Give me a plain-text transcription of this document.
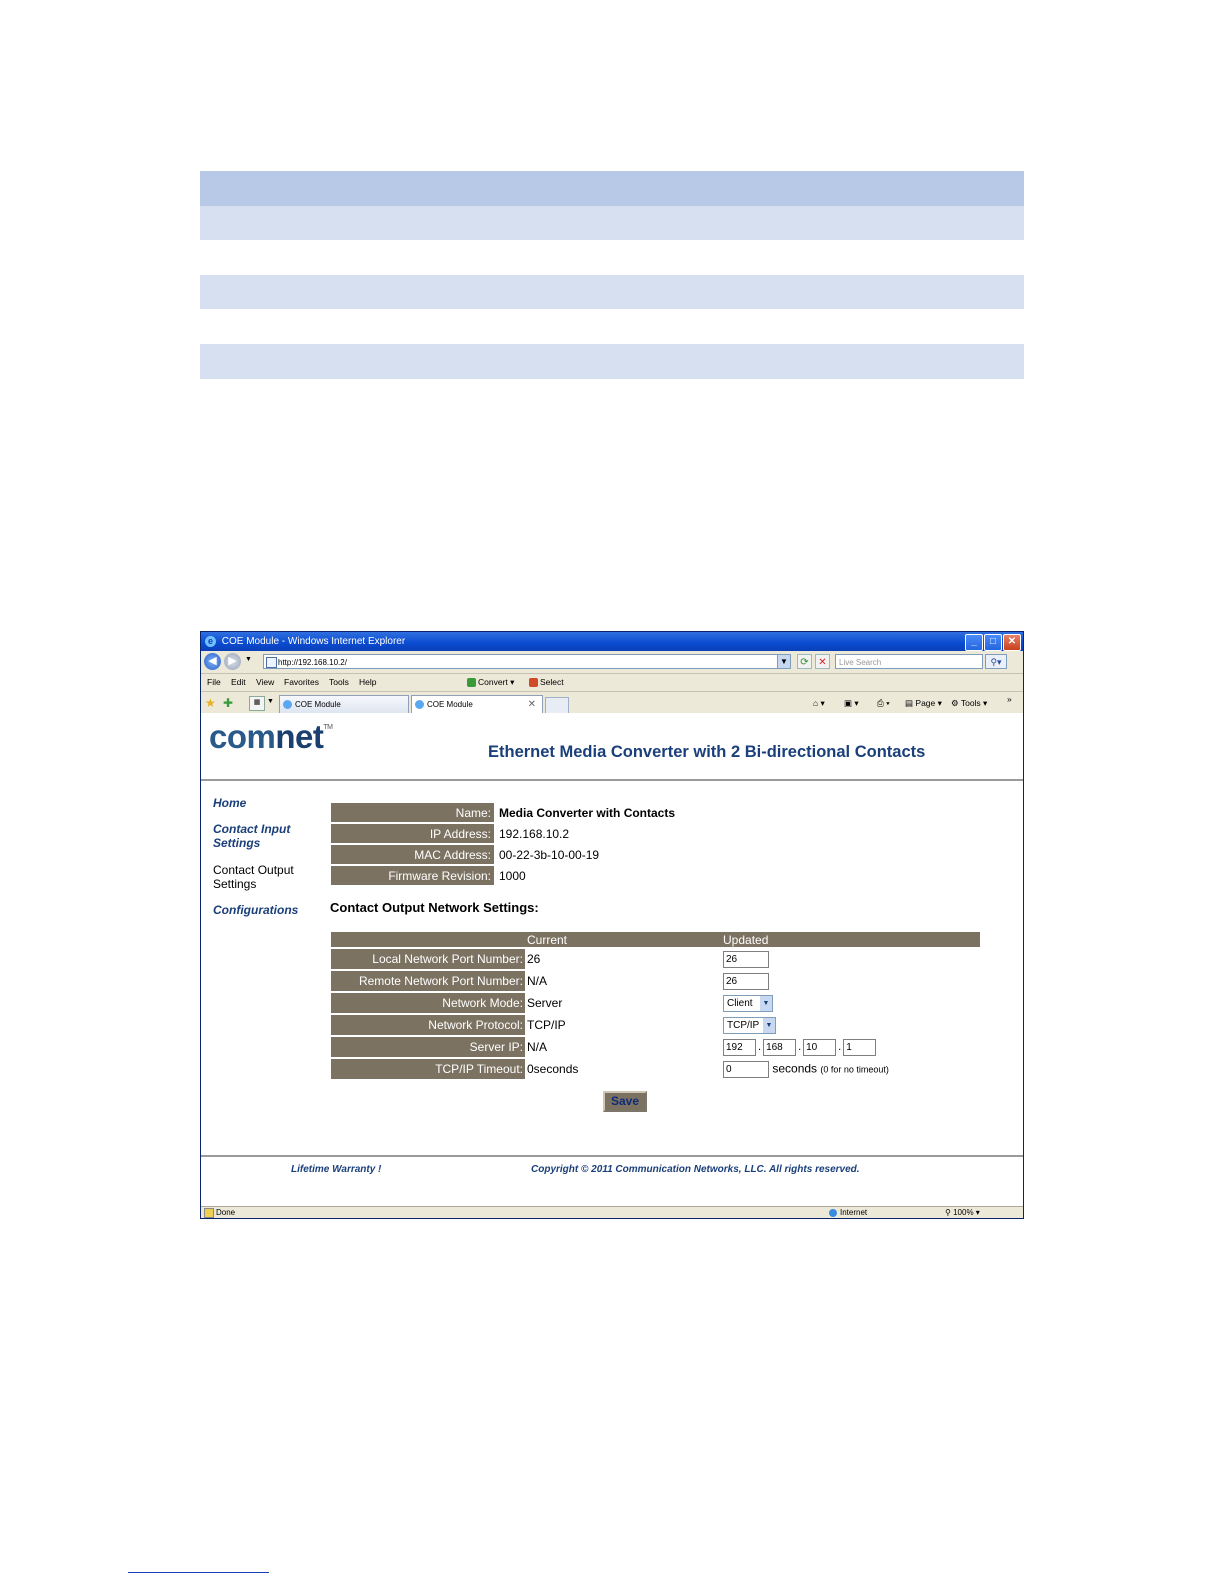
e COE Module - Windows Internet Explorer	_	□	✕
◀	▶	▼	http://192.168.10.2/	▼	⟳ ✕	Live Search	⚲▾
File Edit View Favorites Tools Help	Convert ▾	Select
★ ✚	▦ ▼	COE Module	COE Module	✕	⌂ ▾ ▣ ▾ ⎙ ▾ ▤ Page ▾ ⚙ Tools ▾ »
comnet™
Ethernet Media Converter with 2 Bi-directional Contacts
Home
Contact Input Settings
Contact Output Settings
Configurations
Name:	Media Converter with Contacts
IP Address:	192.168.10.2
MAC Address:	00-22-3b-10-00-19
Firmware Revision:	1000
Contact Output Network Settings:
	Current	Updated
Local Network Port Number:	26	26
Remote Network Port Number:	N/A	26
Network Mode:	Server	Client ▼

Network Protocol:	TCP/IP	TCP/IP ▼

Server IP:	N/A	192 . 168 . 10 . 1
TCP/IP Timeout:	0seconds	0 seconds (0 for no timeout)
Save
Lifetime Warranty !	Copyright © 2011 Communication Networks, LLC. All rights reserved.
Done	Internet	⚲ 100% ▾
